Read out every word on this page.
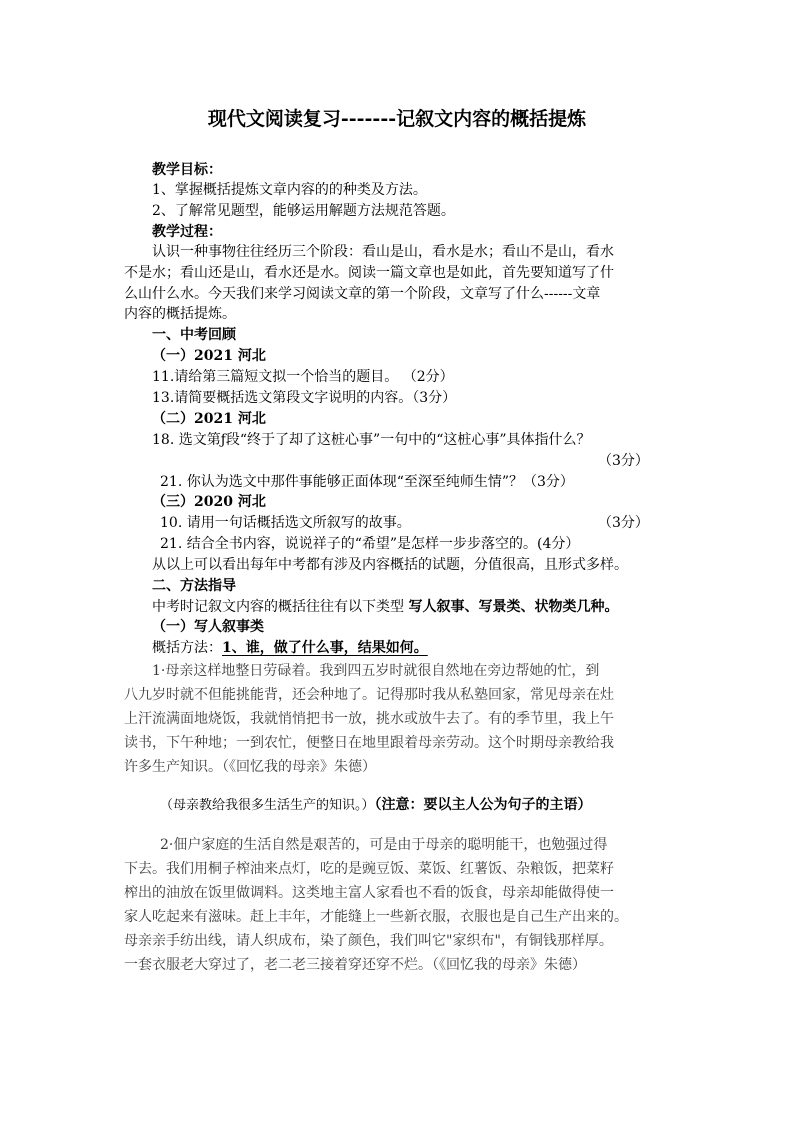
现代文阅读复习-------记叙文内容的概括提炼
教学目标：
1、掌握概括提炼文章内容的的种类及方法。
2、了解常见题型，能够运用解题方法规范答题。
教学过程：
认识一种事物往往经历三个阶段：看山是山，看水是水；看山不是山，看水
不是水；看山还是山，看水还是水。阅读一篇文章也是如此，首先要知道写了什
么山什么水。今天我们来学习阅读文章的第一个阶段，文章写了什么------文章
内容的概括提炼。
一、中考回顾
（一）2021 河北
11.请给第三篇短文拟一个恰当的题目。 （2分）
13.请简要概括选文第段文字说明的内容。（3分）
（二）2021 河北
18. 选文第ƒ段“终于了却了这桩心事”一句中的“这桩心事”具体指什么？
（3分）
21. 你认为选文中那件事能够正面体现“至深至纯师生情”？（3分）
（三）2020 河北
10. 请用一句话概括选文所叙写的故事。	（3分）
21. 结合全书内容，说说祥子的“希望”是怎样一步步落空的。(4分）
从以上可以看出每年中考都有涉及内容概括的试题，分值很高，且形式多样。
二、方法指导
中考时记叙文内容的概括往往有以下类型 写人叙事、写景类、状物类几种。
（一）写人叙事类
概括方法：1、谁，做了什么事，结果如何。
1·母亲这样地整日劳碌着。我到四五岁时就很自然地在旁边帮她的忙，到
八九岁时就不但能挑能背，还会种地了。记得那时我从私塾回家，常见母亲在灶
上汗流满面地烧饭，我就悄悄把书一放，挑水或放牛去了。有的季节里，我上午
读书，下午种地；一到农忙，便整日在地里跟着母亲劳动。这个时期母亲教给我
许多生产知识。（《回忆我的母亲》朱德）
（母亲教给我很多生活生产的知识。）（注意：要以主人公为句子的主语）
2·佃户家庭的生活自然是艰苦的，可是由于母亲的聪明能干，也勉强过得
下去。我们用桐子榨油来点灯，吃的是豌豆饭、菜饭、红薯饭、杂粮饭，把菜籽
榨出的油放在饭里做调料。这类地主富人家看也不看的饭食，母亲却能做得使一
家人吃起来有滋味。赶上丰年，才能缝上一些新衣服，衣服也是自己生产出来的。
母亲亲手纺出线，请人织成布，染了颜色，我们叫它"家织布"，有铜钱那样厚。
一套衣服老大穿过了，老二老三接着穿还穿不烂。（《回忆我的母亲》朱德）
